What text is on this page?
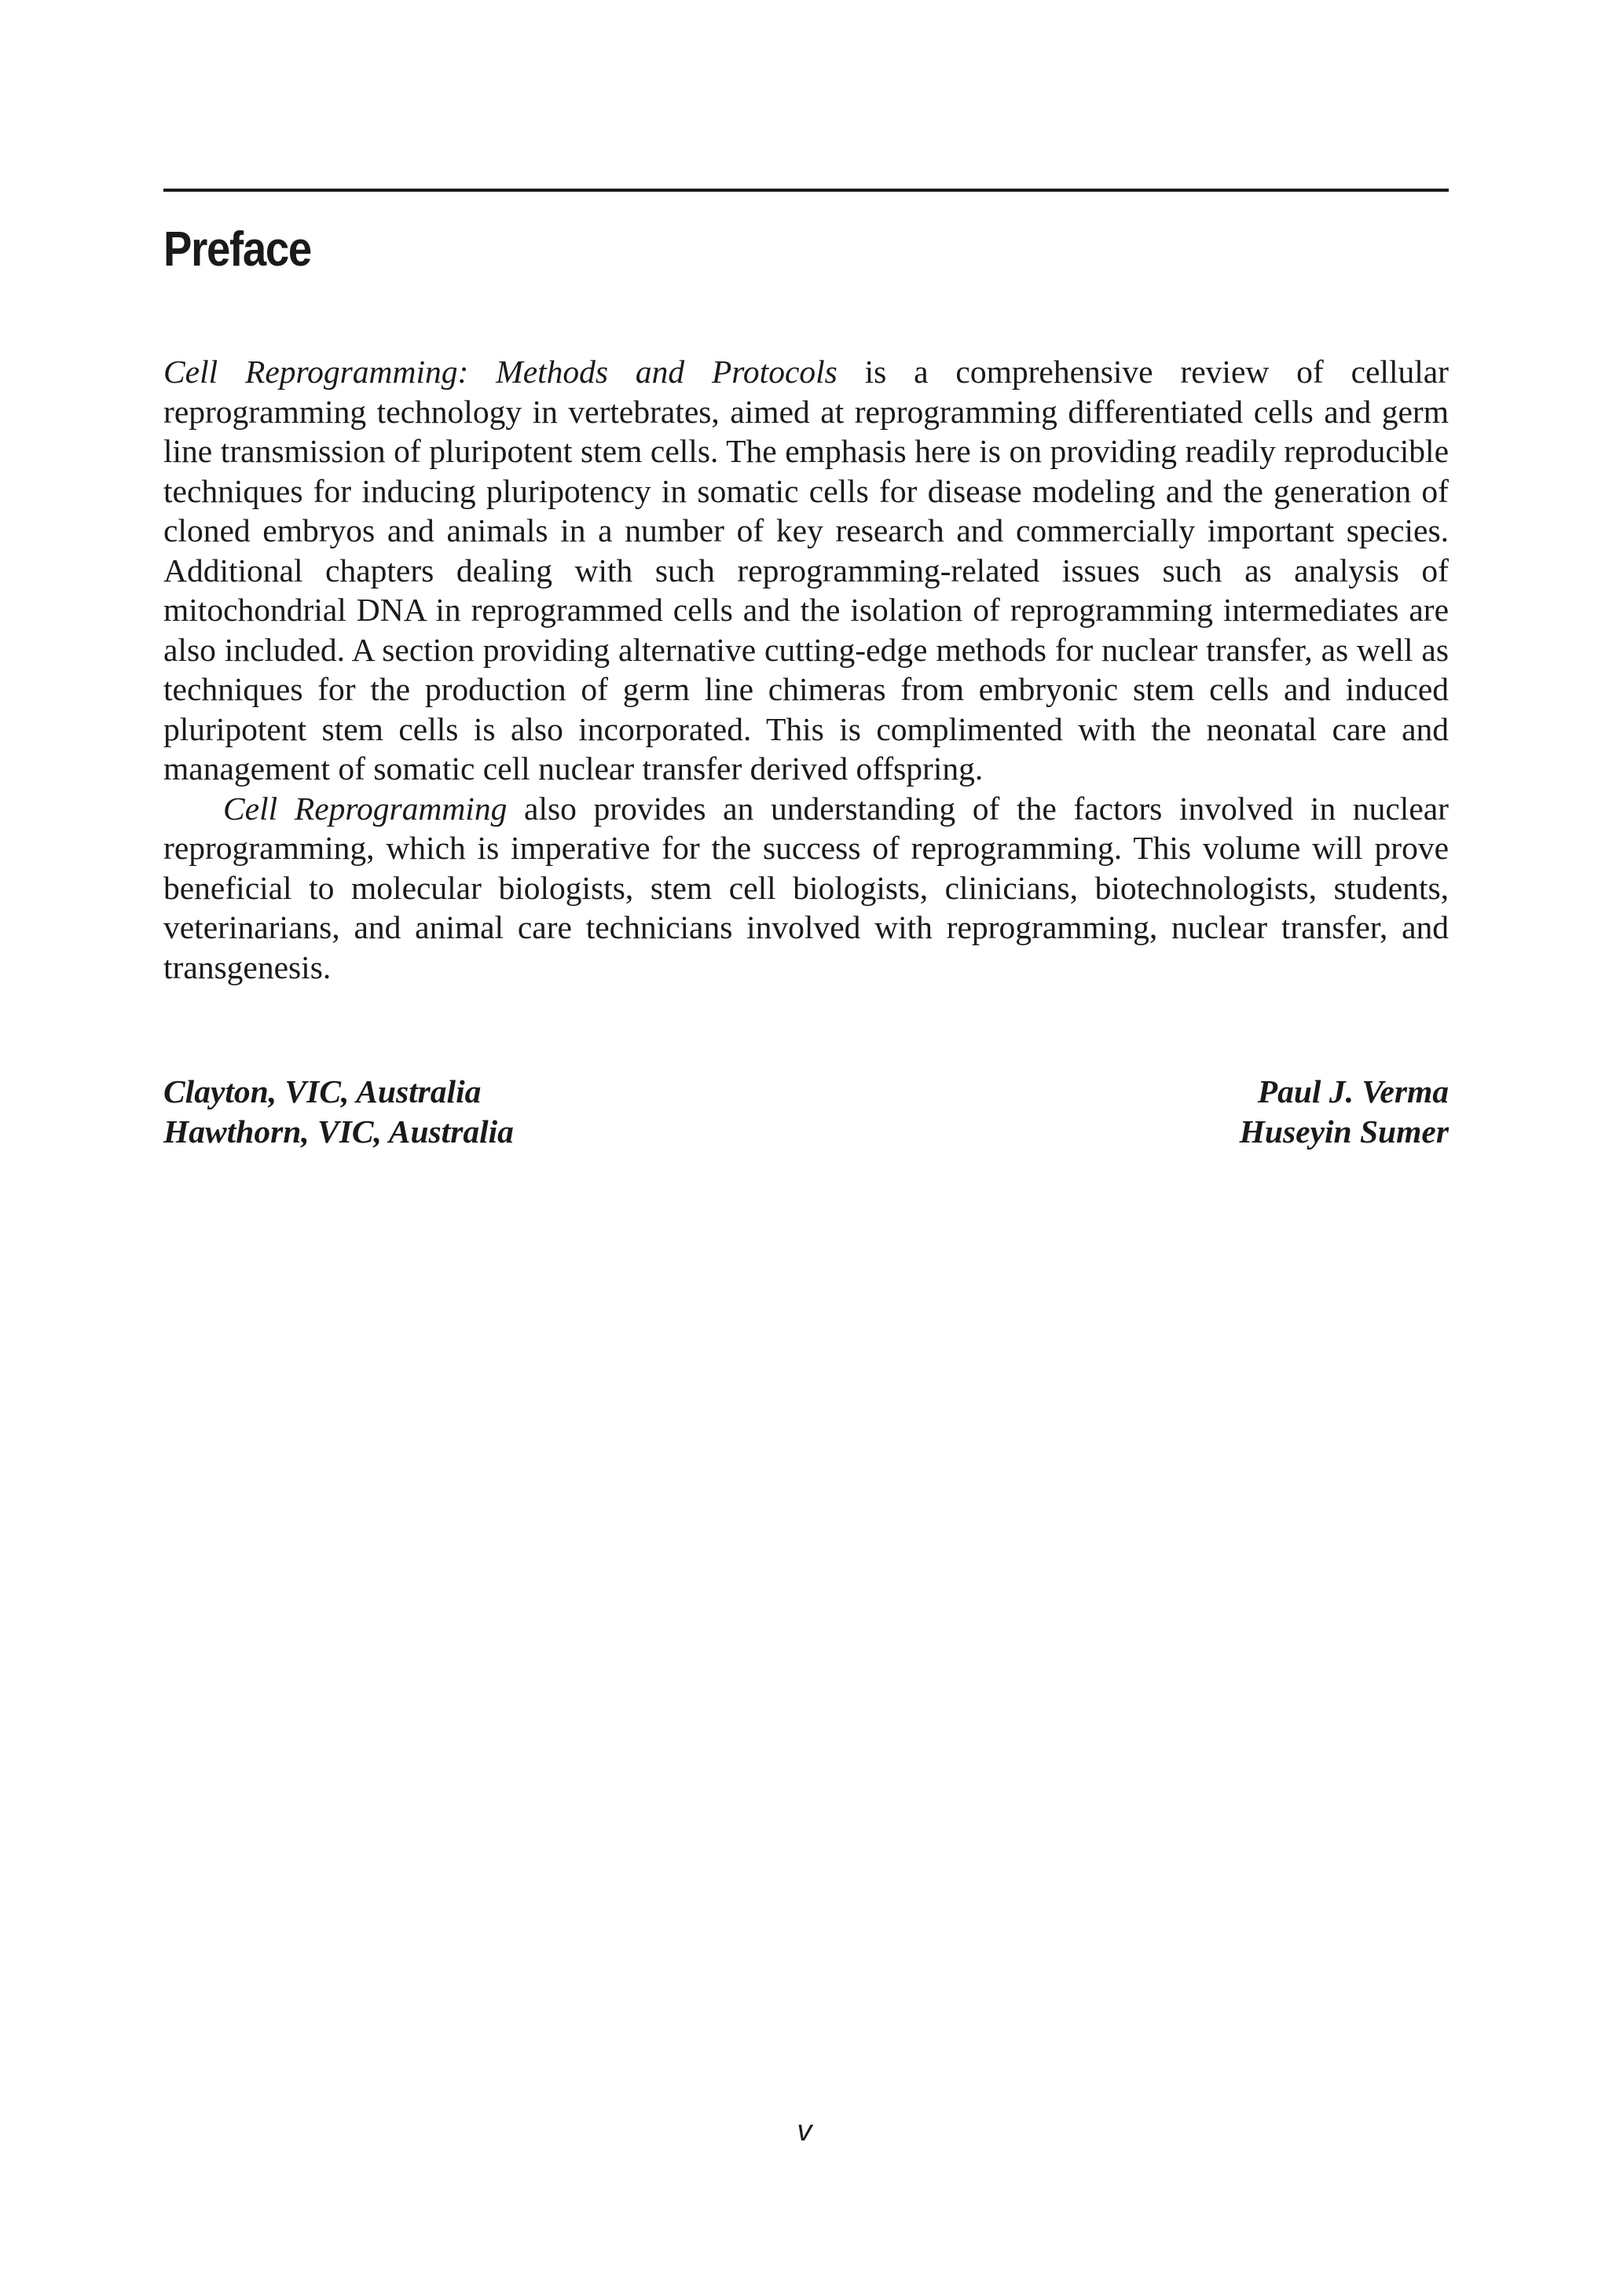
Preface

Cell Reprogramming: Methods and Protocols is a comprehensive review of cellular reprogramming technology in vertebrates, aimed at reprogramming differentiated cells and germ line transmission of pluripotent stem cells. The emphasis here is on providing readily reproducible techniques for inducing pluripotency in somatic cells for disease modeling and the generation of cloned embryos and animals in a number of key research and commercially important species. Additional chapters dealing with such reprogramming-related issues such as analysis of mitochondrial DNA in reprogrammed cells and the isolation of reprogramming intermediates are also included. A section providing alternative cutting-edge methods for nuclear transfer, as well as techniques for the production of germ line chimeras from embryonic stem cells and induced pluripotent stem cells is also incorporated. This is complimented with the neonatal care and management of somatic cell nuclear transfer derived offspring.

Cell Reprogramming also provides an understanding of the factors involved in nuclear reprogramming, which is imperative for the success of reprogramming. This volume will prove beneficial to molecular biologists, stem cell biologists, clinicians, biotechnologists, students, veterinarians, and animal care technicians involved with reprogramming, nuclear transfer, and transgenesis.

Clayton, VIC, Australia
Hawthorn, VIC, Australia
Paul J. Verma
Huseyin Sumer
v
